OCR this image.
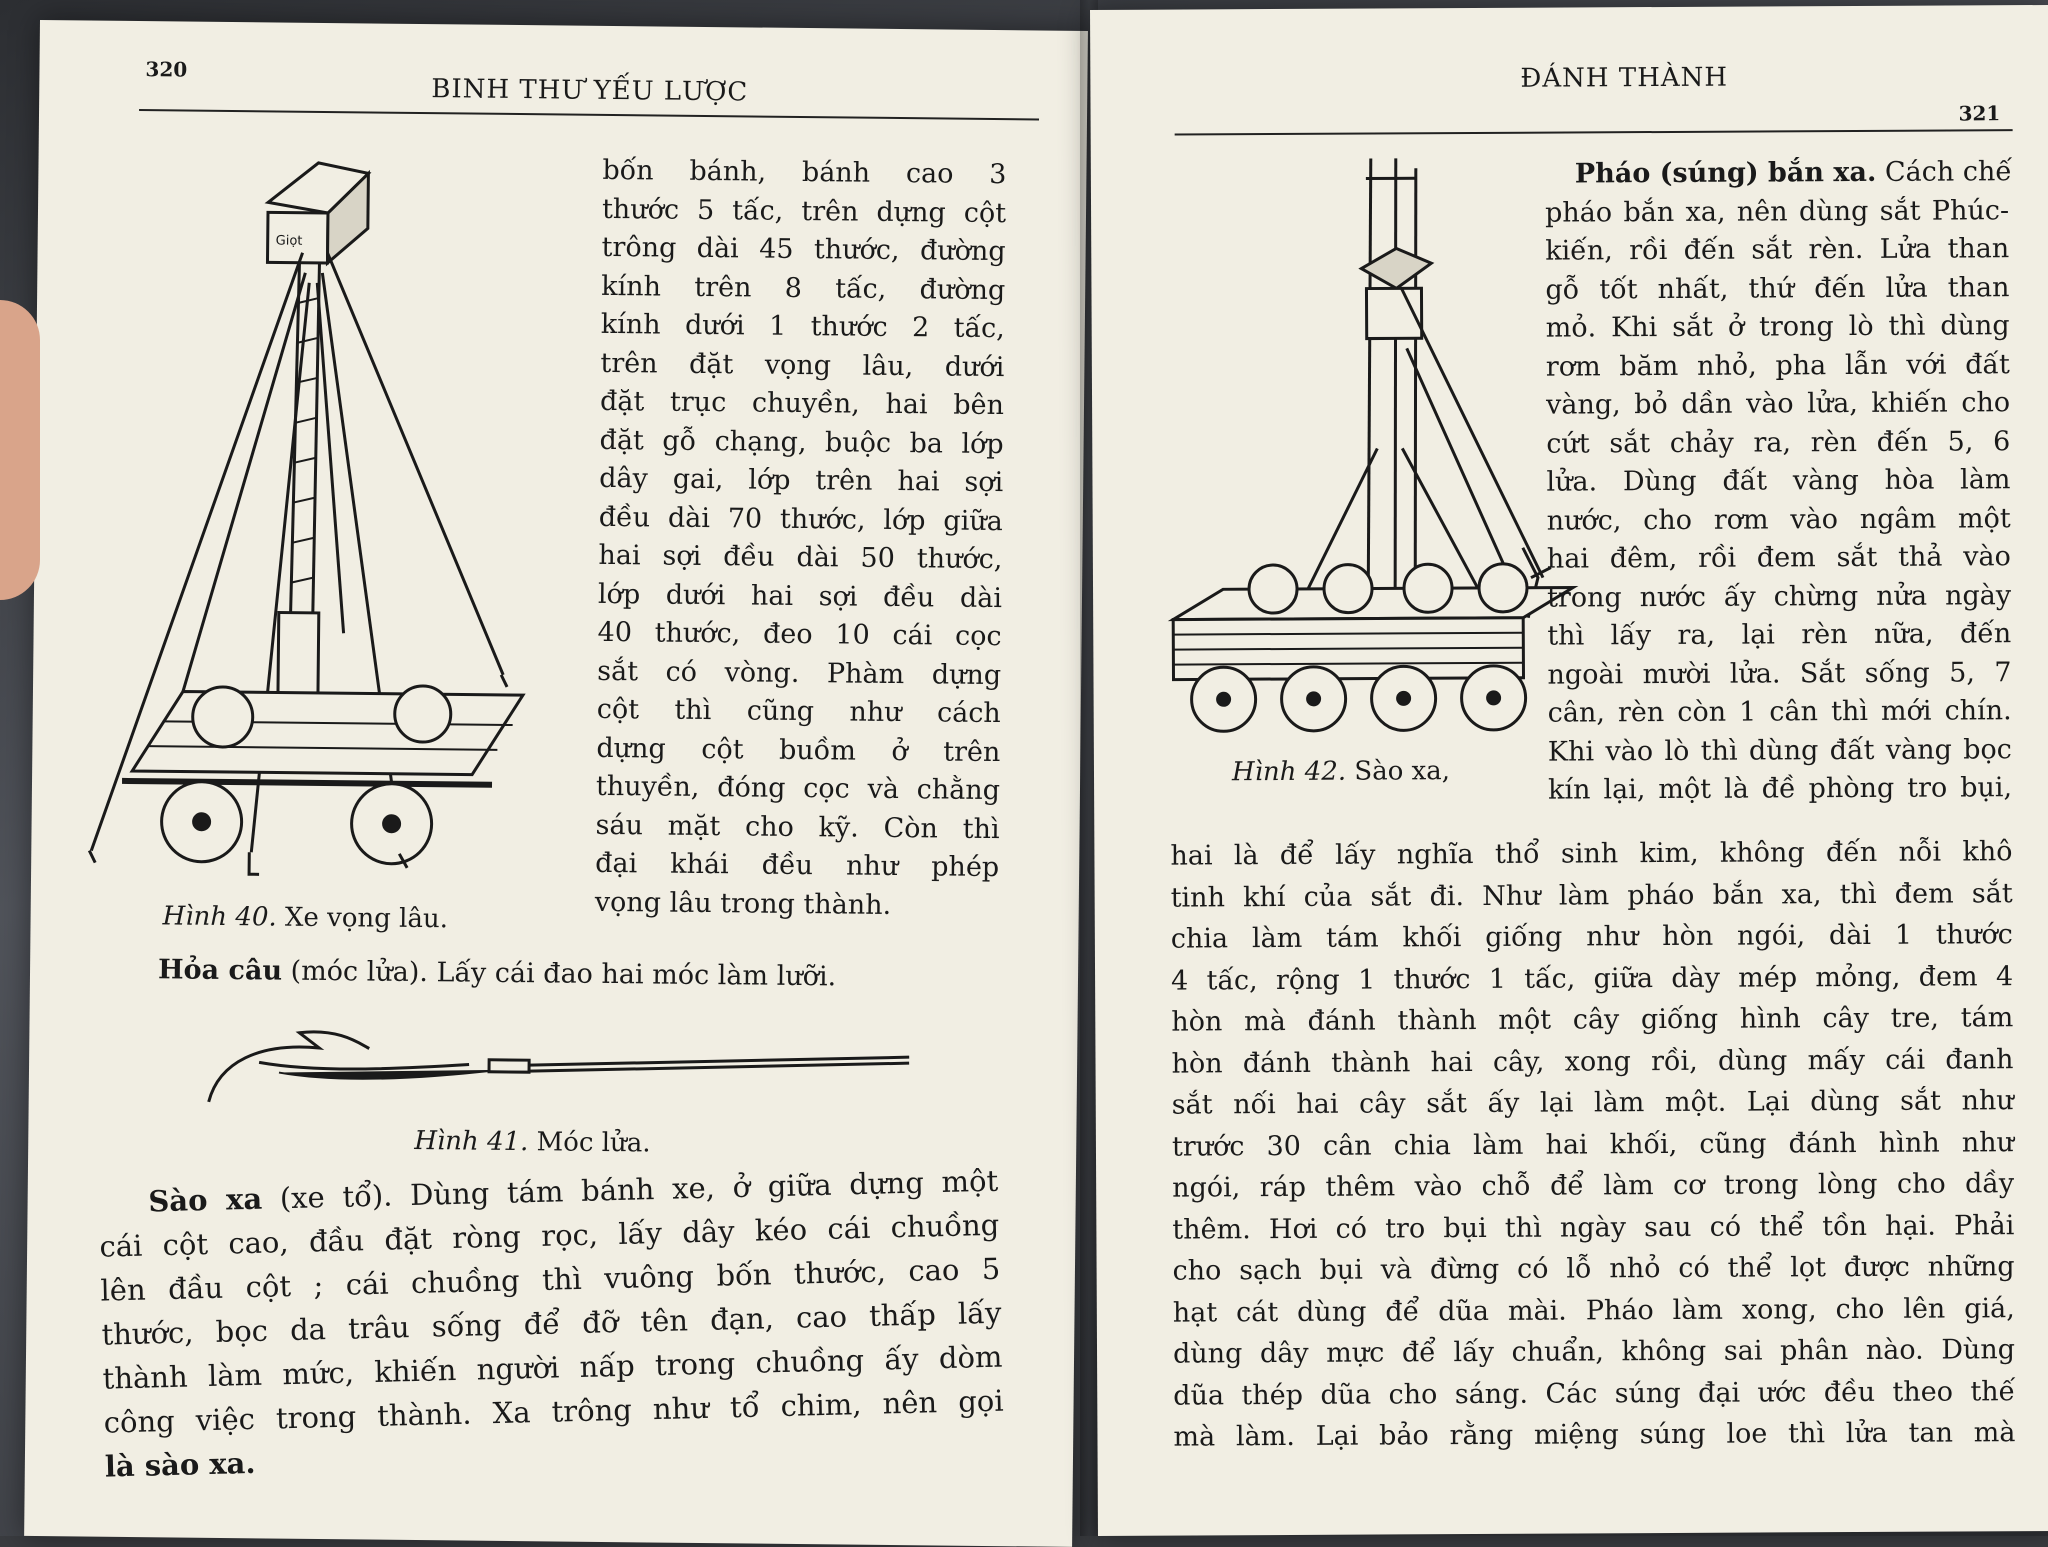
320
BINH THƯ YẾU LƯỢC
Giọt
Hình 40. Xe vọng lâu.
bốn bánh, bánh cao 3
thước 5 tấc, trên dựng cột
trông dài 45 thước, đường
kính trên 8 tấc, đường
kính dưới 1 thước 2 tấc,
trên đặt vọng lâu, dưới
đặt trục chuyền, hai bên
đặt gỗ chạng, buộc ba lớp
dây gai, lớp trên hai sợi
đều dài 70 thước, lớp giữa
hai sợi đều dài 50 thước,
lớp dưới hai sợi đều dài
40 thước, đeo 10 cái cọc
sắt có vòng. Phàm dựng
cột thì cũng như cách
dựng cột buồm ở trên
thuyền, đóng cọc và chằng
sáu mặt cho kỹ. Còn thì
đại khái đều như phép
vọng lâu trong thành.
Hỏa câu (móc lửa). Lấy cái đao hai móc làm lưỡi.
Hình 41. Móc lửa.
Sào xa (xe tổ). Dùng tám bánh xe, ở giữa dựng một
cái cột cao, đầu đặt ròng rọc, lấy dây kéo cái chuồng
lên đầu cột ; cái chuồng thì vuông bốn thước, cao 5
thước, bọc da trâu sống để đỡ tên đạn, cao thấp lấy
thành làm mức, khiến người nấp trong chuồng ấy dòm
công việc trong thành. Xa trông như tổ chim, nên gọi
là sào xa.
ĐÁNH THÀNH
321
Hình 42. Sào xa,
Pháo (súng) bắn xa. Cách chế
pháo bắn xa, nên dùng sắt Phúc-
kiến, rồi đến sắt rèn. Lửa than
gỗ tốt nhất, thứ đến lửa than
mỏ. Khi sắt ở trong lò thì dùng
rơm băm nhỏ, pha lẫn với đất
vàng, bỏ dần vào lửa, khiến cho
cứt sắt chảy ra, rèn đến 5, 6
lửa. Dùng đất vàng hòa làm
nước, cho rơm vào ngâm một
hai đêm, rồi đem sắt thả vào
trong nước ấy chừng nửa ngày
thì lấy ra, lại rèn nữa, đến
ngoài mười lửa. Sắt sống 5, 7
cân, rèn còn 1 cân thì mới chín.
Khi vào lò thì dùng đất vàng bọc
kín lại, một là đề phòng tro bụi,
hai là để lấy nghĩa thổ sinh kim, không đến nỗi khô
tinh khí của sắt đi. Như làm pháo bắn xa, thì đem sắt
chia làm tám khối giống như hòn ngói, dài 1 thước
4 tấc, rộng 1 thước 1 tấc, giữa dày mép mỏng, đem 4
hòn mà đánh thành một cây giống hình cây tre, tám
hòn đánh thành hai cây, xong rồi, dùng mấy cái đanh
sắt nối hai cây sắt ấy lại làm một. Lại dùng sắt như
trước 30 cân chia làm hai khối, cũng đánh hình như
ngói, ráp thêm vào chỗ để làm cơ trong lòng cho dầy
thêm. Hơi có tro bụi thì ngày sau có thể tồn hại. Phải
cho sạch bụi và đừng có lỗ nhỏ có thể lọt được những
hạt cát dùng để dũa mài. Pháo làm xong, cho lên giá,
dùng dây mực để lấy chuẩn, không sai phân nào. Dùng
dũa thép dũa cho sáng. Các súng đại ước đều theo thế
mà làm. Lại bảo rằng miệng súng loe thì lửa tan mà
